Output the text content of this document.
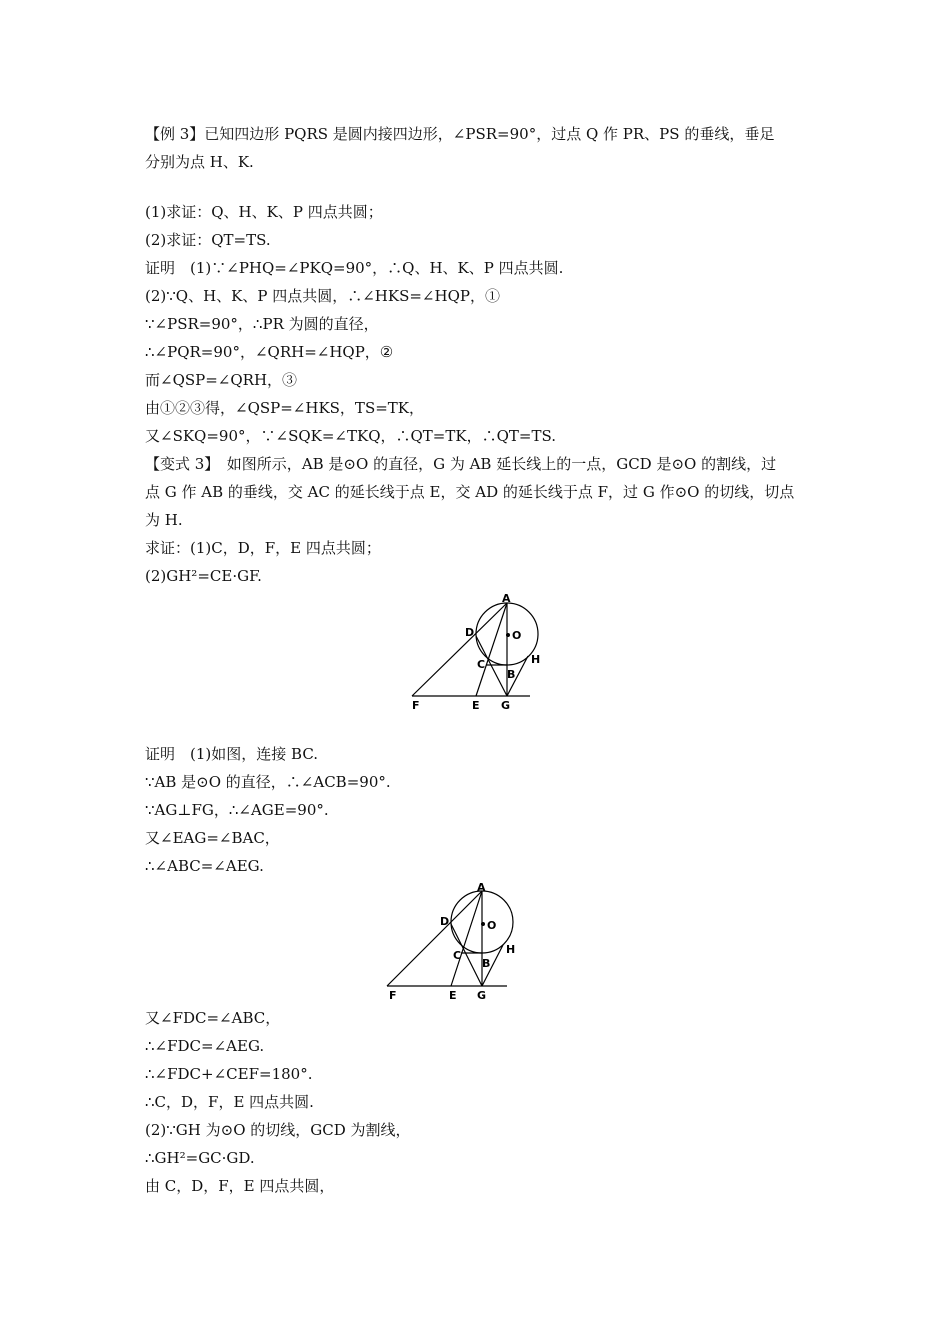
【例 3】已知四边形 PQRS 是圆内接四边形，∠PSR=90°，过点 Q 作 PR、PS 的垂线，垂足
分别为点 H、K.
(1)求证：Q、H、K、P 四点共圆；
(2)求证：QT=TS.
证明　(1)∵∠PHQ=∠PKQ=90°，∴Q、H、K、P 四点共圆.
(2)∵Q、H、K、P 四点共圆，∴∠HKS=∠HQP，①
∵∠PSR=90°，∴PR 为圆的直径，
∴∠PQR=90°，∠QRH=∠HQP，②
而∠QSP=∠QRH，③
由①②③得，∠QSP=∠HKS，TS=TK，
又∠SKQ=90°，∵∠SQK=∠TKQ，∴QT=TK，∴QT=TS.
【变式 3】　如图所示，AB 是⊙O 的直径，G 为 AB 延长线上的一点，GCD 是⊙O 的割线，过
点 G 作 AB 的垂线，交 AC 的延长线于点 E，交 AD 的延长线于点 F，过 G 作⊙O 的切线，切点
为 H.
求证：(1)C，D，F，E 四点共圆；
(2)GH²=CE·GF.
A
D	O
C	H
B
F	E G
证明　(1)如图，连接 BC.
∵AB 是⊙O 的直径，∴∠ACB=90°.
∵AG⊥FG，∴∠AGE=90°.
又∠EAG=∠BAC，
∴∠ABC=∠AEG.
A
D	O
C	H
B
F	E G
又∠FDC=∠ABC，
∴∠FDC=∠AEG.
∴∠FDC+∠CEF=180°.
∴C，D，F，E 四点共圆.
(2)∵GH 为⊙O 的切线，GCD 为割线，
∴GH²=GC·GD.
由 C，D，F，E 四点共圆，
